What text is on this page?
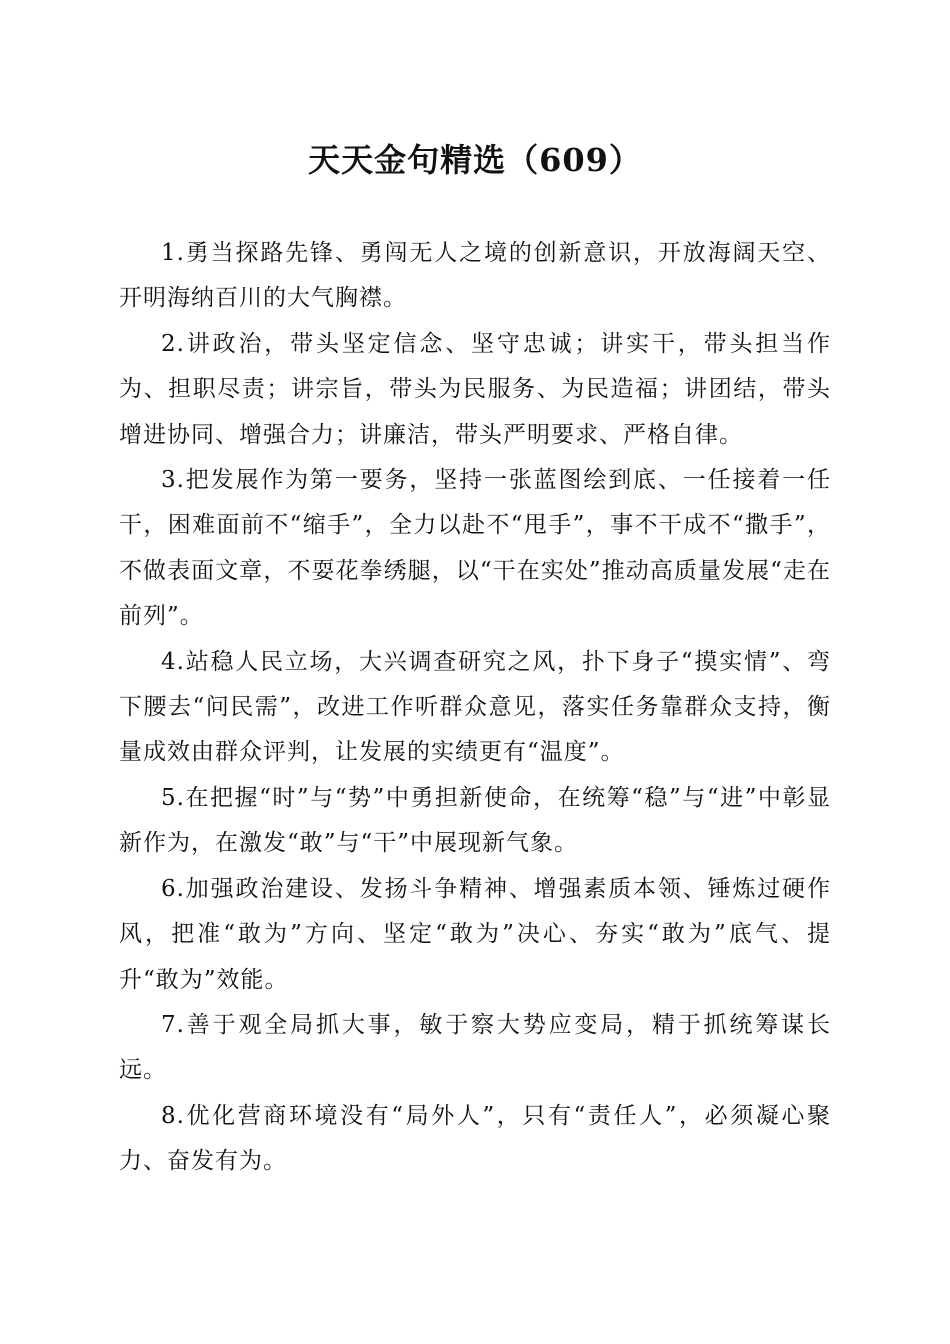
天天金句精选（609）

1.勇当探路先锋、勇闯无人之境的创新意识，开放海阔天空、开明海纳百川的大气胸襟。

2.讲政治，带头坚定信念、坚守忠诚；讲实干，带头担当作为、担职尽责；讲宗旨，带头为民服务、为民造福；讲团结，带头增进协同、增强合力；讲廉洁，带头严明要求、严格自律。

3.把发展作为第一要务，坚持一张蓝图绘到底、一任接着一任干，困难面前不“缩手”，全力以赴不“甩手”，事不干成不“撒手”，不做表面文章，不耍花拳绣腿，以“干在实处”推动高质量发展“走在前列”。

4.站稳人民立场，大兴调查研究之风，扑下身子“摸实情”、弯下腰去“问民需”，改进工作听群众意见，落实任务靠群众支持，衡量成效由群众评判，让发展的实绩更有“温度”。

5.在把握“时”与“势”中勇担新使命，在统筹“稳”与“进”中彰显新作为，在激发“敢”与“干”中展现新气象。

6.加强政治建设、发扬斗争精神、增强素质本领、锤炼过硬作风，把准“敢为”方向、坚定“敢为”决心、夯实“敢为”底气、提升“敢为”效能。

7.善于观全局抓大事，敏于察大势应变局，精于抓统筹谋长远。

8.优化营商环境没有“局外人”，只有“责任人”，必须凝心聚力、奋发有为。
